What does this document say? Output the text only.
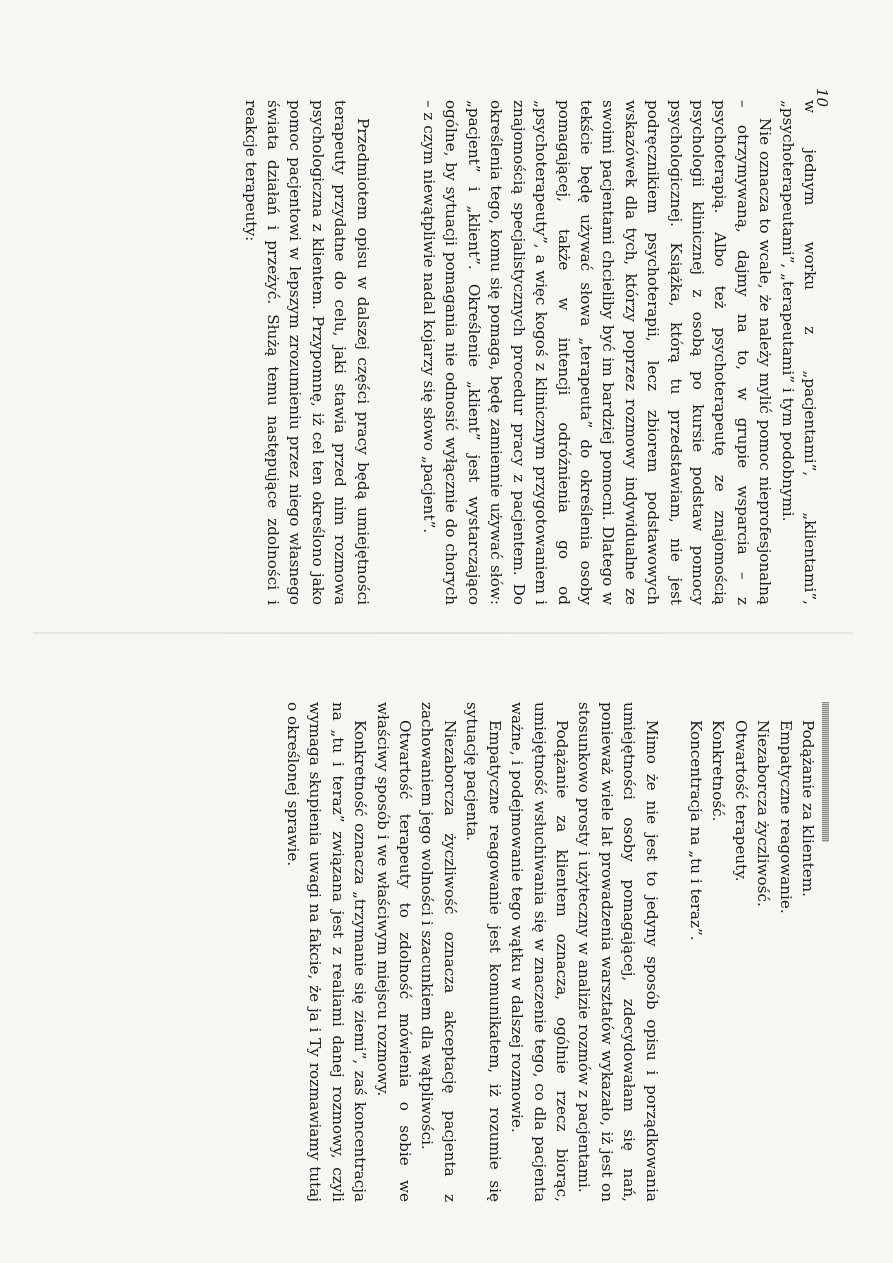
10

w jednym worku z „pacjentami”, „klientami”, „psychoterapeutami”, „terapeutami” i tym podobnymi.

Nie oznacza to wcale, że należy mylić pomoc nieprofesjonalną – otrzymywaną, dajmy na to, w grupie wsparcia – z psychoterapią. Albo też psychoterapeutę ze znajomością psychologii klinicznej z osobą po kursie podstaw pomocy psychologicznej. Książka, którą tu przedstawiam, nie jest podręcznikiem psychoterapii, lecz zbiorem podstawowych wskazówek dla tych, którzy poprzez rozmowy indywidualne ze swoimi pacjentami chcieliby być im bardziej pomocni. Dlatego w tekście będę używać słowa „terapeuta” do określenia osoby pomagającej, także w intencji odróżnienia go od „psychoterapeuty”, a więc kogoś z klinicznym przygotowaniem i znajomością specjalistycznych procedur pracy z pacjentem. Do określenia tego, komu się pomaga, będę zamiennie używać słów: „pacjent” i „klient”. Określenie „klient” jest wystarczająco ogólne, by sytuacji pomagania nie odnosić wyłącznie do chorych – z czym niewątpliwie nadal kojarzy się słowo „pacjent”.

Przedmiotem opisu w dalszej części pracy będą umiejętności terapeuty przydatne do celu, jaki stawia przed nim rozmowa psychologiczna z klientem. Przypomnę, iż cel ten określono jako pomoc pacjentowi w lepszym zrozumieniu przez niego własnego świata działań i przeżyć. Służą temu następujące zdolności i reakcje terapeuty:

Podążanie za klientem.

Empatyczne reagowanie.

Niezaborcza życzliwość.

Otwartość terapeuty.

Konkretność.

Koncentracja na „tu i teraz”.

Mimo że nie jest to jedyny sposób opisu i porządkowania umiejętności osoby pomagającej, zdecydowałam się nań, ponieważ wiele lat prowadzenia warsztatów wykazało, iż jest on stosunkowo prosty i użyteczny w analizie rozmów z pacjentami.

Podążanie za klientem oznacza, ogólnie rzecz biorąc, umiejętność wsłuchiwania się w znaczenie tego, co dla pacjenta ważne, i podejmowanie tego wątku w dalszej rozmowie.

Empatyczne reagowanie jest komunikatem, iż rozumie się sytuację pacjenta.

Niezaborcza życzliwość oznacza akceptację pacjenta z zachowaniem jego wolności i szacunkiem dla wątpliwości.

Otwartość terapeuty to zdolność mówienia o sobie we właściwy sposób i we właściwym miejscu rozmowy.

Konkretność oznacza „trzymanie się ziemi”, zaś koncentracja na „tu i teraz” związana jest z realiami danej rozmowy, czyli wymaga skupienia uwagi na fakcie, że ja i Ty rozmawiamy tutaj o określonej sprawie.
